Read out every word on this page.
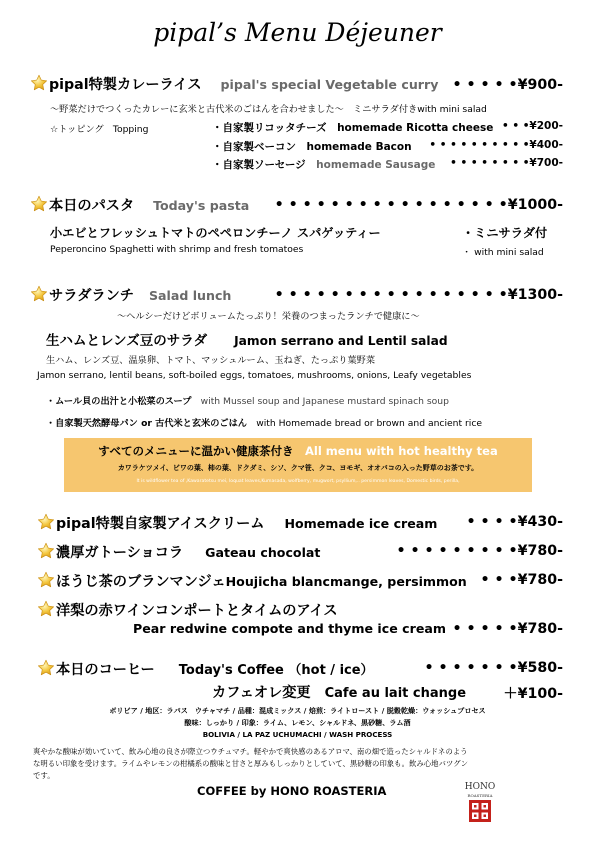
pipal’s Menu Déjeuner
pipal特製カレーライス pipal's special Vegetable curry • • • • •¥900-
〜野菜だけでつくったカレーに玄米と古代米のごはんを合わせました〜　ミニサラダ付きwith mini salad
☆トッピング　Topping	・自家製リコッタチーズ　 homemade Ricotta cheese • • •¥200-
・自家製ベーコン　 homemade Bacon • • • • • • • • • •¥400-
・自家製ソーセージ　 homemade Sausage • • • • • • • •¥700-
本日のパスタ Today's pasta • • • • • • • • • • • • • • • • •¥1000-
小エビとフレッシュトマトのペペロンチーノ スパゲッティー	・ミニサラダ付
Peperoncino Spaghetti with shrimp and fresh tomatoes	・ with mini salad
サラダランチ Salad lunch	• • • • • • • • • • • • • • • • •¥1300-
〜ヘルシーだけどボリュームたっぷり！栄養のつまったランチで健康に〜
生ハムとレンズ豆のサラダ　　 Jamon serrano and Lentil salad
生ハム、レンズ豆、温泉卵、トマト、マッシュルーム、玉ねぎ、たっぷり葉野菜
Jamon serrano, lentil beans, soft-boiled eggs, tomatoes, mushrooms, onions, Leafy vegetables
・ムール貝の出汁と小松菜のスープ　 with Mussel soup and Japanese mustard spinach soup
・自家製天然酵母パン or 古代米と玄米のごはん　 with Homemade bread or brown and ancient rice
すべてのメニューに温かい健康茶付き　 All menu with hot healthy tea
カワラケツメイ、ビワの葉、柿の葉、ドクダミ、シソ、クマ笹、クコ、ヨモギ、オオバコの入った野草のお茶です。
It is wildflower tea of ,Kawaratetsu mei, loquat leaves,Kumasada, wolfberry, mugwort, psyllium,.. persimmon leaves, Domestic birds, perilla,
pipal特製自家製アイスクリーム Homemade ice cream • • • •¥430-
濃厚ガトーショコラ Gateau chocolat	• • • • • • • • •¥780-
ほうじ茶のブランマンジェHoujicha blancmange, persimmon • • •¥780-
洋梨の赤ワインコンポートとタイムのアイス
Pear redwine compote and thyme ice cream • • • • •¥780-
本日のコーヒー Today's Coffee （hot / ice）	• • • • • • •¥580-
カフェオレ変更 Cafe au lait change	＋¥100-
ボリビア / 地区：ラパス　ウチャマチ / 品種：混成ミックス / 焙煎：ライトロースト / 脱穀乾燥：ウォッシュプロセス
酸味：しっかり / 印象：ライム、レモン、シャルドネ、黒砂糖、ラム酒
BOLIVIA / LA PAZ UCHUMACHI / WASH PROCESS
爽やかな酸味が効いていて、飲み心地の良さが際立つウチュマチ。軽やかで爽快感のあるアロマ、南の畑で造ったシャルドネのよう
な明るい印象を受けます。ライムやレモンの柑橘系の酸味と甘さと厚みもしっかりとしていて、黒砂糖の印象も。飲み心地バツグン
です。
COFFEE by HONO ROASTERIA	HONO
ROASTERIA
